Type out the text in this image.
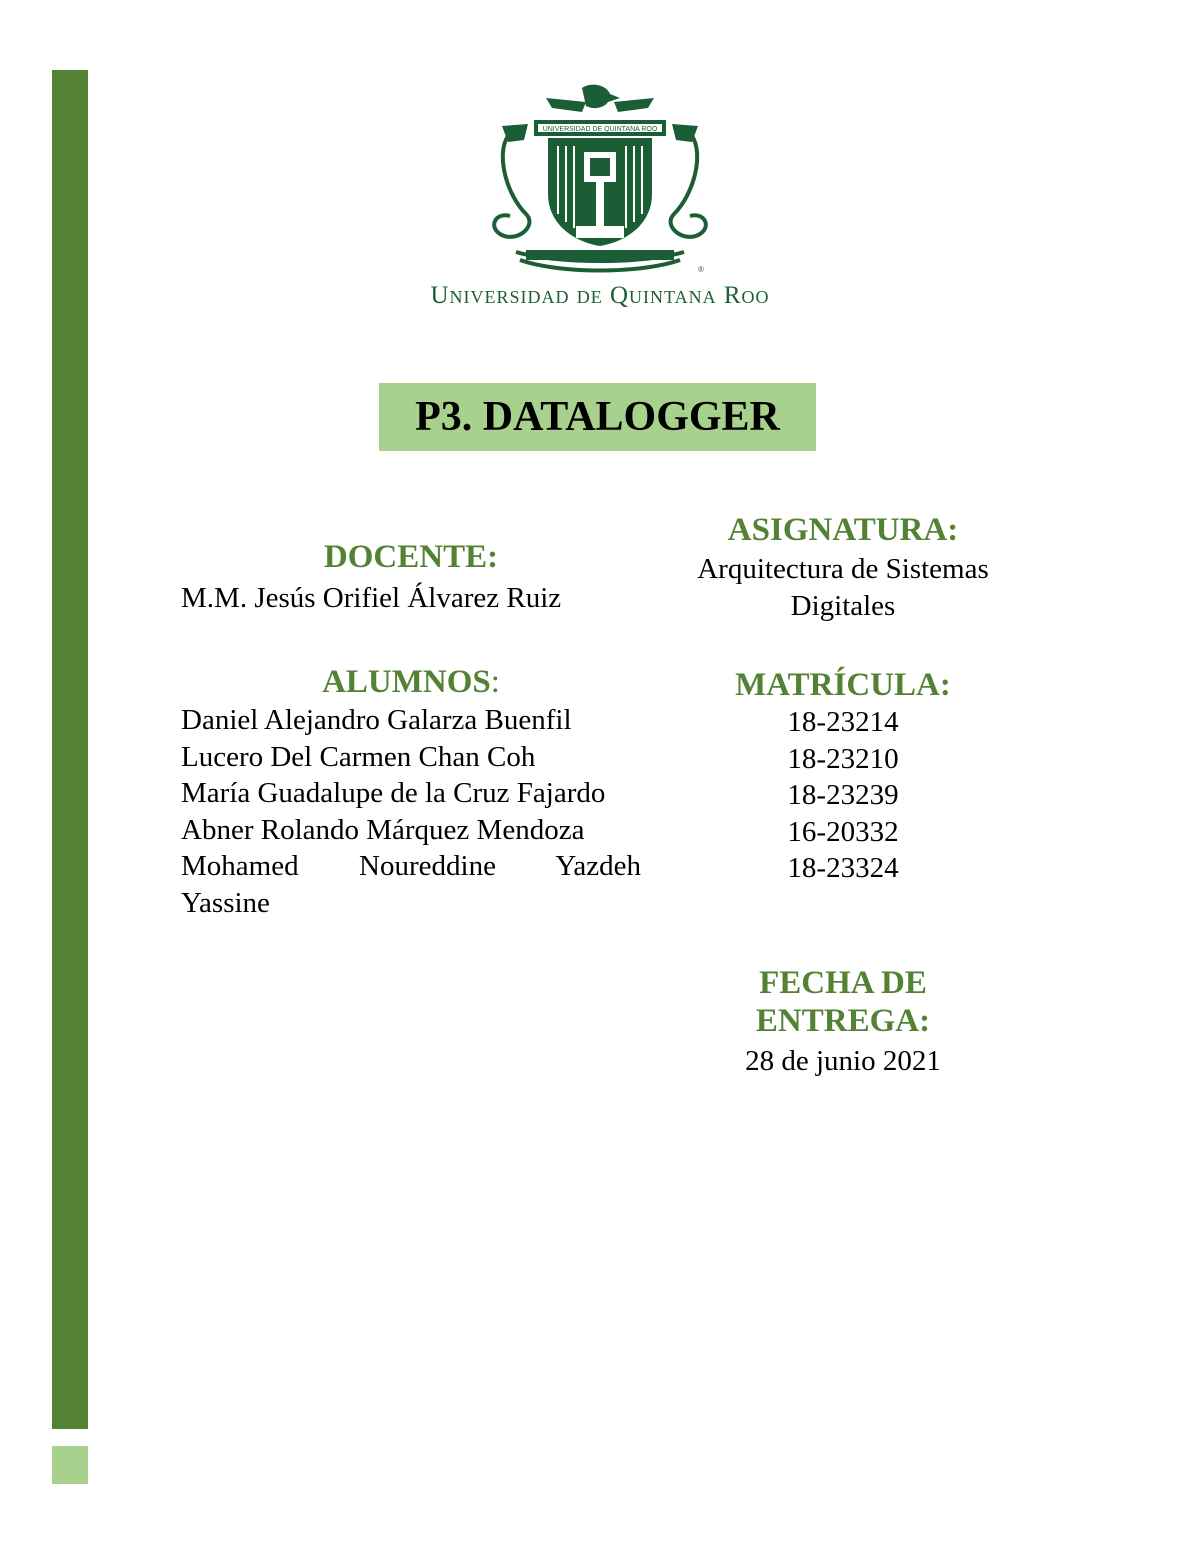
UNIVERSIDAD DE QUINTANA ROO
®
Universidad de Quintana Roo
P3. DATALOGGER
DOCENTE:
M.M. Jesús Orifiel Álvarez Ruiz
ALUMNOS:
Daniel Alejandro Galarza Buenfil
Lucero Del Carmen Chan Coh
María Guadalupe de la Cruz Fajardo
Abner Rolando Márquez Mendoza
Mohamed Noureddine Yazdeh
Yassine
ASIGNATURA:
Arquitectura de Sistemas
Digitales
MATRÍCULA:
18-23214
18-23210
18-23239
16-20332
18-23324
FECHA DE
ENTREGA:
28 de junio 2021
